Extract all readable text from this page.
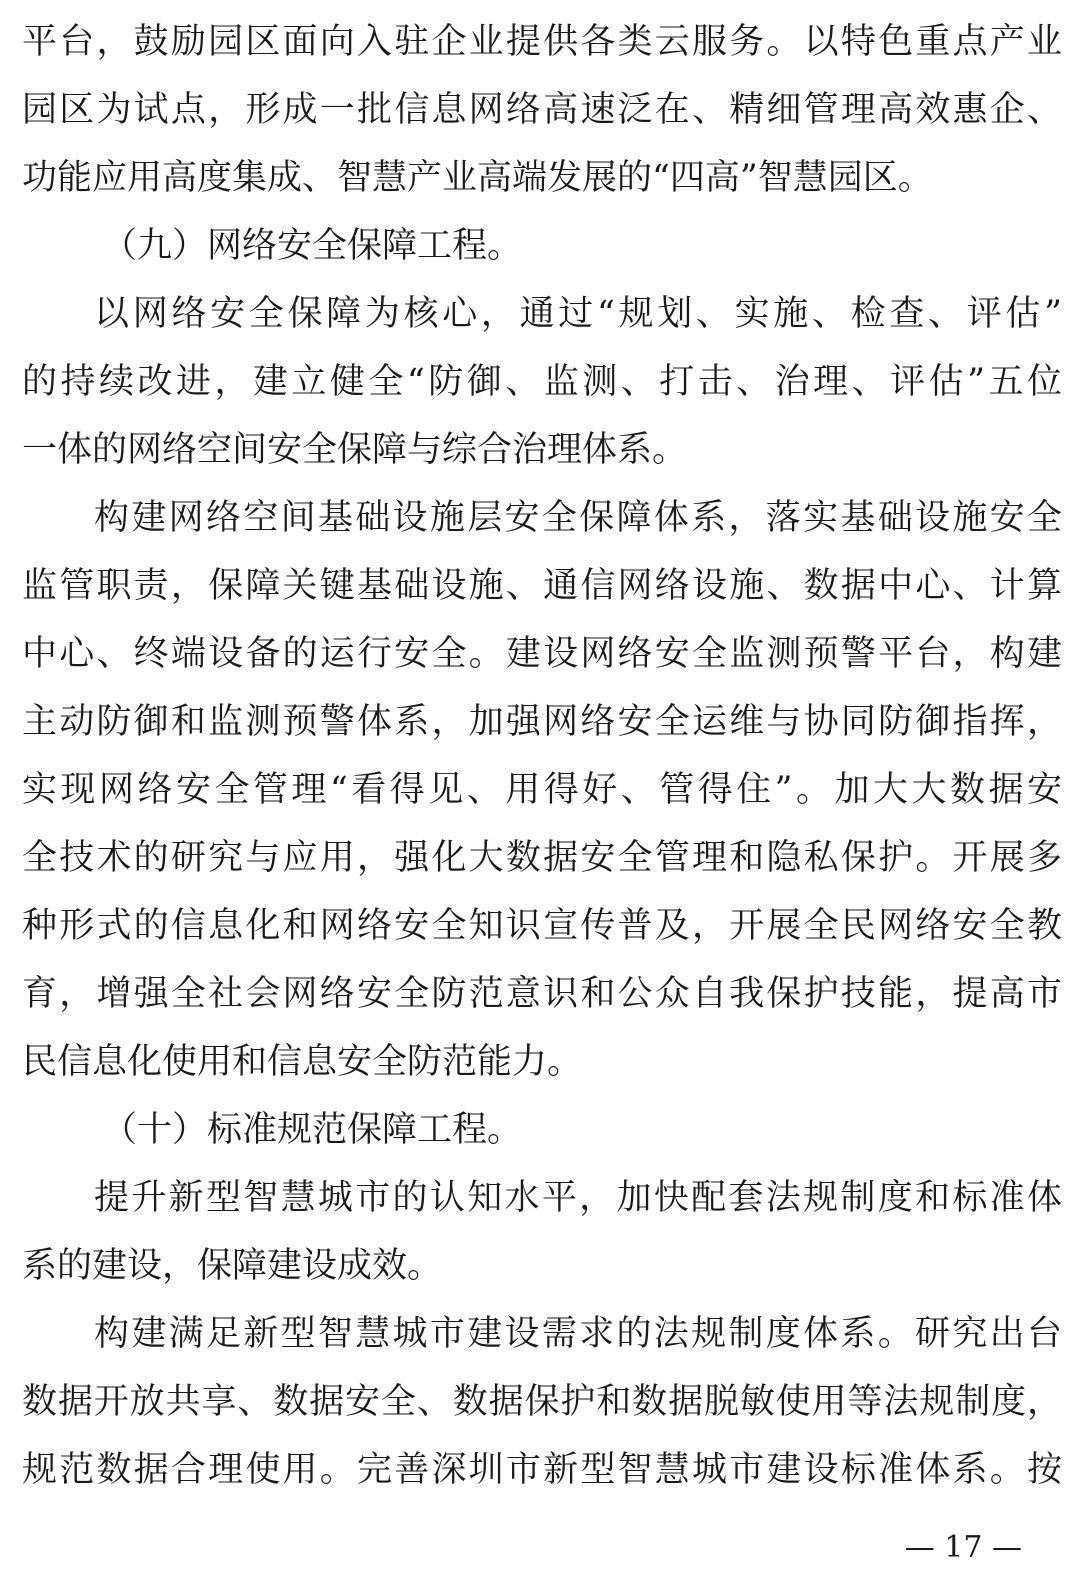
平台，鼓励园区面向入驻企业提供各类云服务。以特色重点产业
园区为试点，形成一批信息网络高速泛在、精细管理高效惠企、
功能应用高度集成、智慧产业高端发展的“四高”智慧园区。
（九）网络安全保障工程。
以网络安全保障为核心，通过“规划、实施、检查、评估”
的持续改进，建立健全“防御、监测、打击、治理、评估”五位
一体的网络空间安全保障与综合治理体系。
构建网络空间基础设施层安全保障体系，落实基础设施安全
监管职责，保障关键基础设施、通信网络设施、数据中心、计算
中心、终端设备的运行安全。建设网络安全监测预警平台，构建
主动防御和监测预警体系，加强网络安全运维与协同防御指挥，
实现网络安全管理“看得见、用得好、管得住”。加大大数据安
全技术的研究与应用，强化大数据安全管理和隐私保护。开展多
种形式的信息化和网络安全知识宣传普及，开展全民网络安全教
育，增强全社会网络安全防范意识和公众自我保护技能，提高市
民信息化使用和信息安全防范能力。
（十）标准规范保障工程。
提升新型智慧城市的认知水平，加快配套法规制度和标准体
系的建设，保障建设成效。
构建满足新型智慧城市建设需求的法规制度体系。研究出台
数据开放共享、数据安全、数据保护和数据脱敏使用等法规制度，
规范数据合理使用。完善深圳市新型智慧城市建设标准体系。按
— 17 —
